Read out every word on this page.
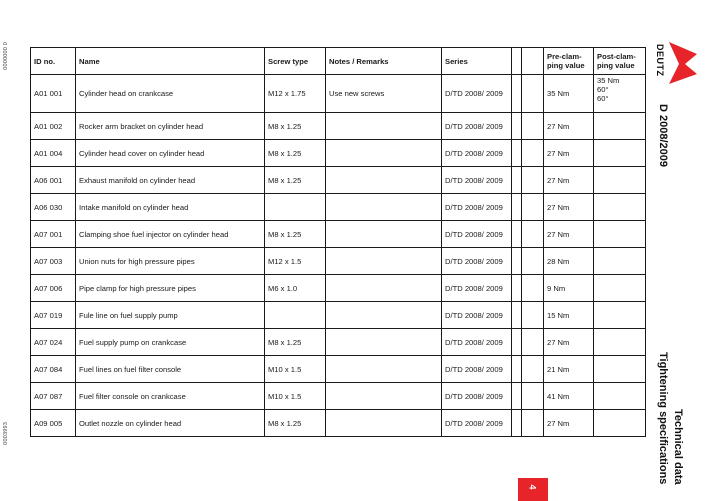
0000000 0
0003993
ID no.	Name	Screw type	Notes / Remarks	Series			Pre-clam-ping value	Post-clam-ping value
A01 001	Cylinder head on crankcase	M12 x 1.75	Use new screws	D/TD 2008/ 2009			35 Nm	35 Nm
60°
60°
A01 002	Rocker arm bracket on cylinder head	M8 x 1.25		D/TD 2008/ 2009			27 Nm	
A01 004	Cylinder head cover on cylinder head	M8 x 1.25		D/TD 2008/ 2009			27 Nm	
A06 001	Exhaust manifold on cylinder head	M8 x 1.25		D/TD 2008/ 2009			27 Nm	
A06 030	Intake manifold on cylinder head			D/TD 2008/ 2009			27 Nm	
A07 001	Clamping shoe fuel injector on cylinder head	M8 x 1.25		D/TD 2008/ 2009			27 Nm	
A07 003	Union nuts for high pressure pipes	M12 x 1.5		D/TD 2008/ 2009			28 Nm	
A07 006	Pipe clamp for high pressure pipes	M6 x 1.0		D/TD 2008/ 2009			9 Nm	
A07 019	Fule line on fuel supply pump			D/TD 2008/ 2009			15 Nm	
A07 024	Fuel supply pump on crankcase	M8 x 1.25		D/TD 2008/ 2009			27 Nm	
A07 084	Fuel lines on fuel filter console	M10 x 1.5		D/TD 2008/ 2009			21 Nm	
A07 087	Fuel filter console on crankcase	M10 x 1.5		D/TD 2008/ 2009			41 Nm	
A09 005	Outlet nozzle on cylinder head	M8 x 1.25		D/TD 2008/ 2009			27 Nm	
DEUTZ
D 2008/2009
Tightening specifications Technical data
4
